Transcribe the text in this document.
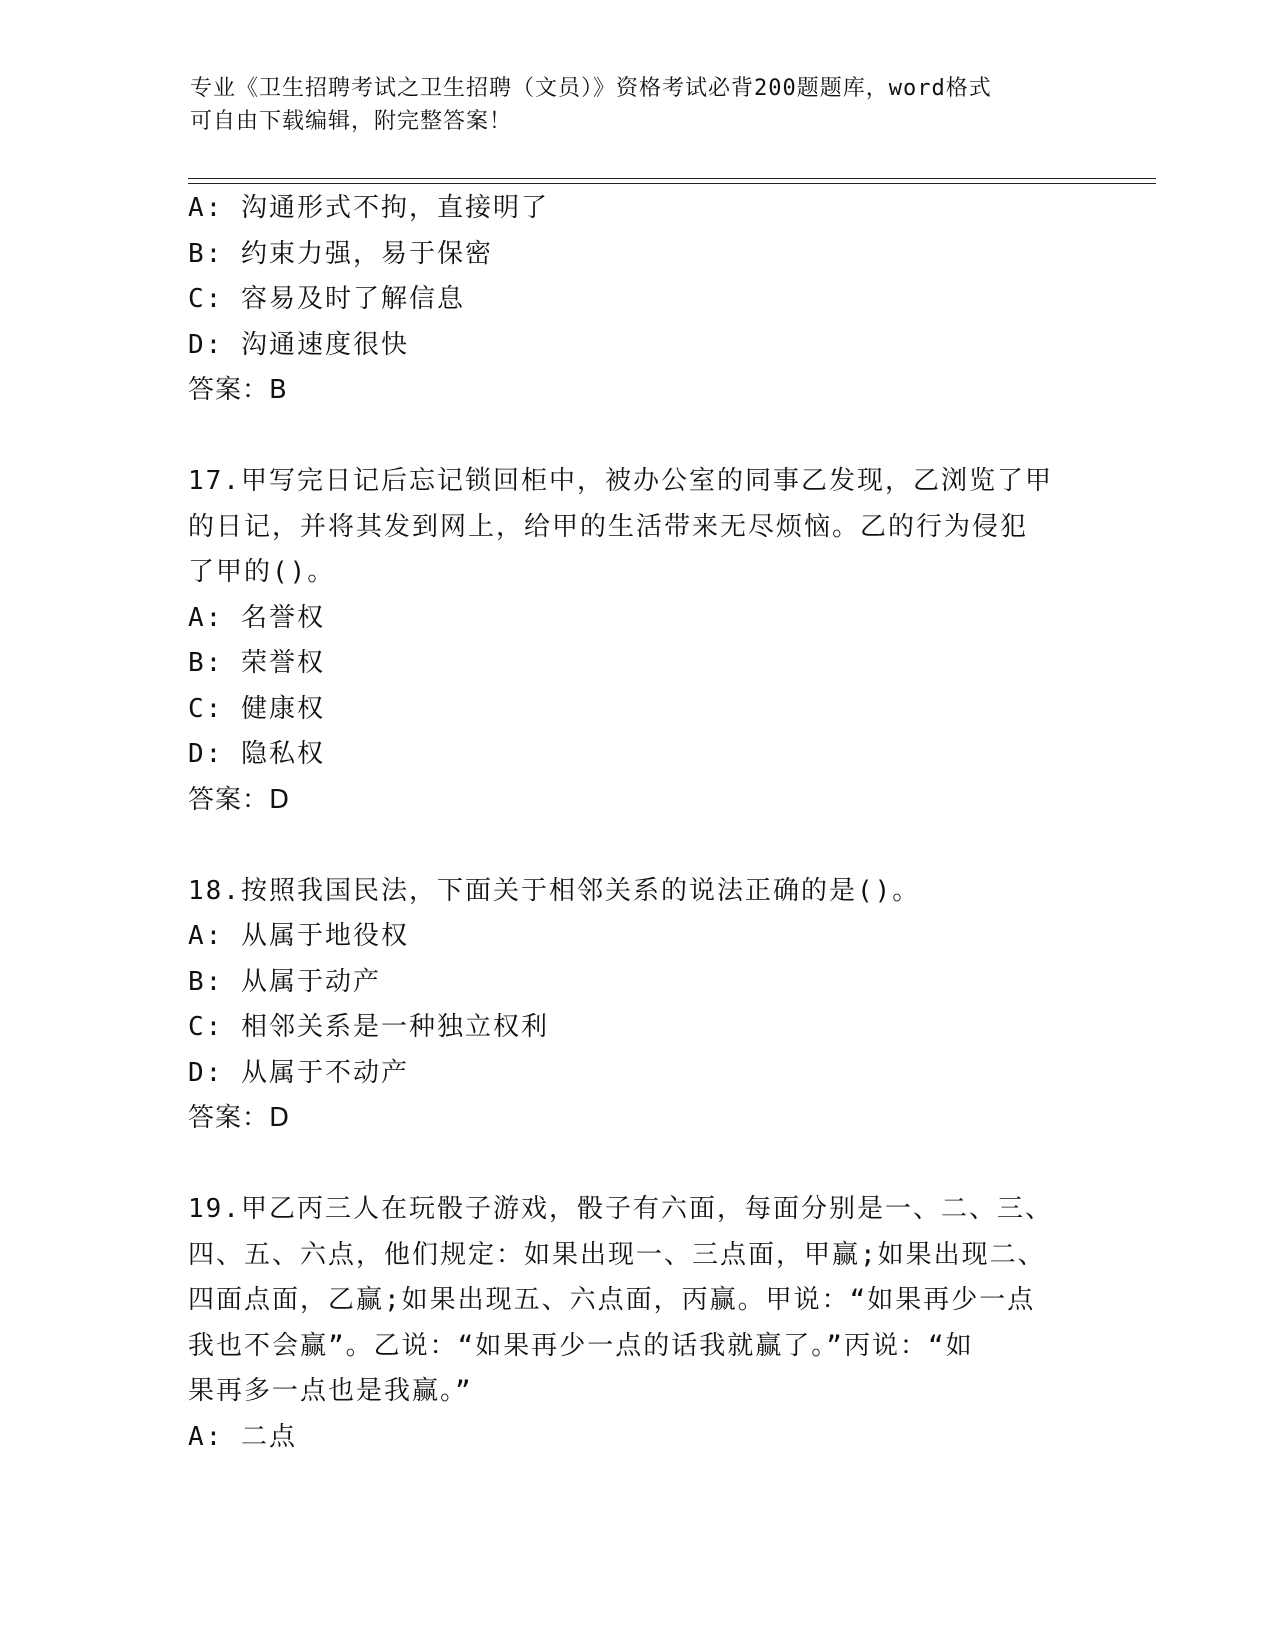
专业《卫生招聘考试之卫生招聘（文员）》资格考试必背200题题库，word格式
可自由下载编辑，附完整答案！
A: 沟通形式不拘，直接明了
B: 约束力强，易于保密
C: 容易及时了解信息
D: 沟通速度很快
答案：B
17.甲写完日记后忘记锁回柜中，被办公室的同事乙发现，乙浏览了甲
的日记，并将其发到网上，给甲的生活带来无尽烦恼。乙的行为侵犯
了甲的()。
A: 名誉权
B: 荣誉权
C: 健康权
D: 隐私权
答案：D
18.按照我国民法，下面关于相邻关系的说法正确的是()。
A: 从属于地役权
B: 从属于动产
C: 相邻关系是一种独立权利
D: 从属于不动产
答案：D
19.甲乙丙三人在玩骰子游戏，骰子有六面，每面分别是一、二、三、
四、五、六点，他们规定：如果出现一、三点面，甲赢;如果出现二、
四面点面，乙赢;如果出现五、六点面，丙赢。甲说：“如果再少一点
我也不会赢”。乙说：“如果再少一点的话我就赢了。”丙说：“如
果再多一点也是我赢。”
A: 二点
